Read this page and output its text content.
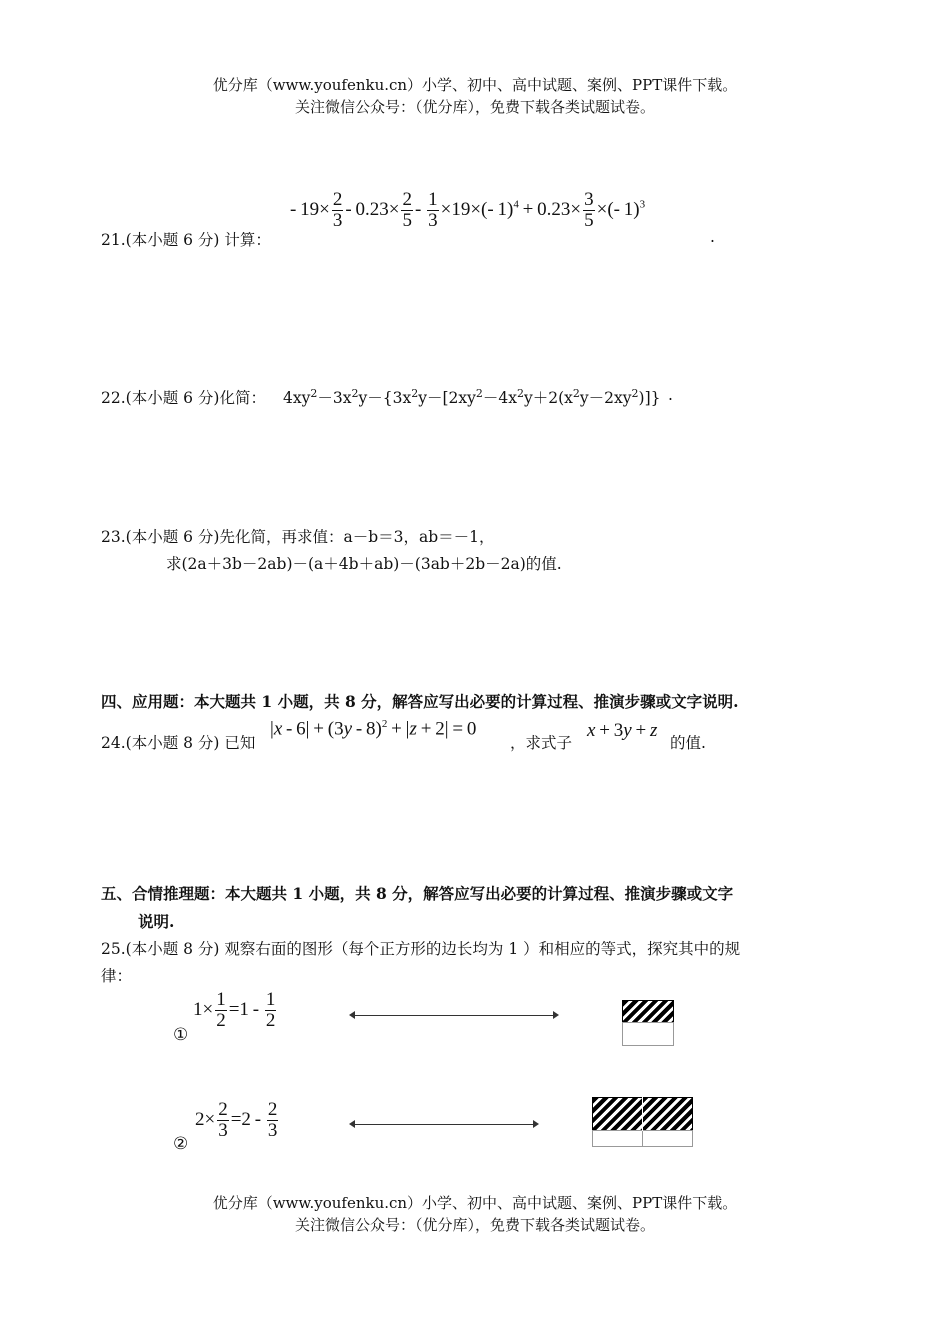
优分库（www.youfenku.cn）小学、初中、高中试题、案例、PPT课件下载。
关注微信公众号：（优分库），免费下载各类试题试卷。
21.(本小题 6 分) 计算：
- $19\times \frac{2}{3} - 0.23\times \frac{2}{5} - \frac{1}{3} \times 19\times(-$ $1)^4 + 0.23\times \frac{3}{5}$ ×(- 1)$^3$
.
22.(本小题 6 分)化简： $4xy^2-3x^2y-\{3x^2y-[2xy^2-4x^2y+2(x^2y-2xy^2)]\}$ .
23.(本小题 6 分)先化简，再求值：a－b＝3，ab＝－1，
求(2a＋3b－2ab)－(a＋4b＋ab)－(3ab＋2b－2a)的值.
四、应用题：本大题共 1 小题，共 8 分，解答应写出必要的计算过程、推演步骤或文字说明.
24.(本小题 8 分) 已知
|x - 6| + (3y - 8)$^2$ + |z + 2| = 0
，求式子
x + 3y + z
的值.
五、合情推理题：本大题共 1 小题，共 8 分，解答应写出必要的计算过程、推演步骤或文字
说明.
25.(本小题 8 分) 观察右面的图形（每个正方形的边长均为 1 ）和相应的等式，探究其中的规
律：
①
$1\times \frac{1}{2} =1 - \frac{1}{2}$
②
$2\times \frac{2}{3} =2 - \frac{2}{3}$
优分库（www.youfenku.cn）小学、初中、高中试题、案例、PPT课件下载。
关注微信公众号：（优分库），免费下载各类试题试卷。
